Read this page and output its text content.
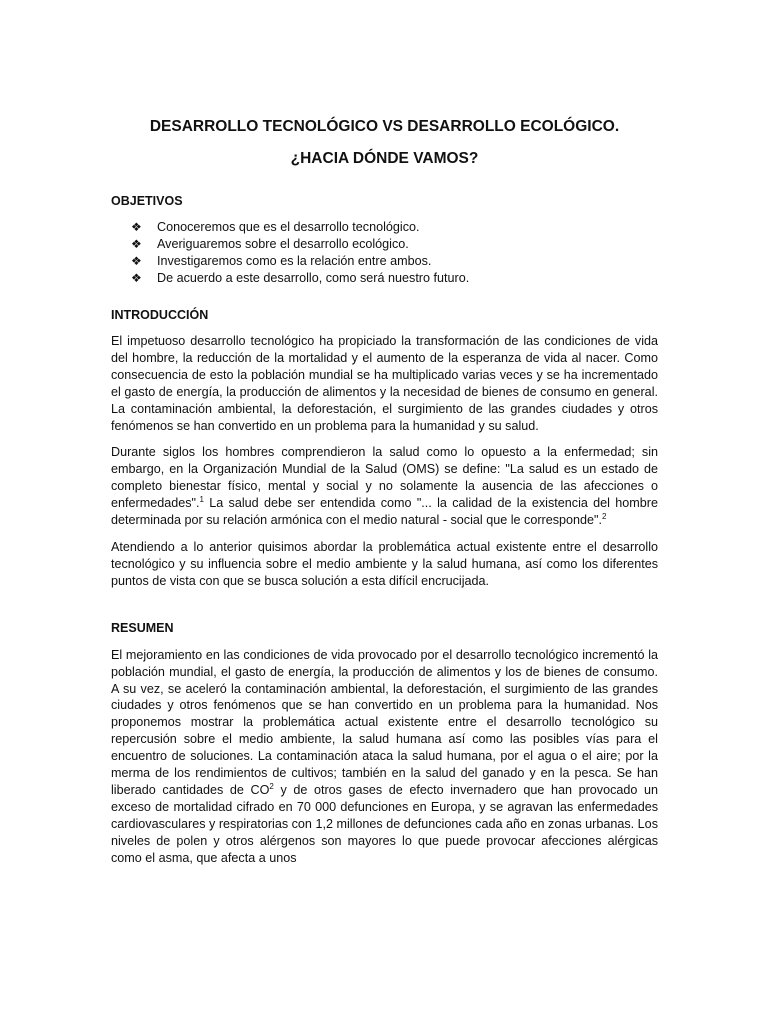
DESARROLLO TECNOLÓGICO VS DESARROLLO ECOLÓGICO.
¿HACIA DÓNDE VAMOS?
OBJETIVOS
❖ Conoceremos que es el desarrollo tecnológico.
❖ Averiguaremos sobre el desarrollo ecológico.
❖ Investigaremos como es la relación entre ambos.
❖ De acuerdo a este desarrollo, como será nuestro futuro.
INTRODUCCIÓN

El impetuoso desarrollo tecnológico ha propiciado la transformación de las condiciones de vida del hombre, la reducción de la mortalidad y el aumento de la esperanza de vida al nacer. Como consecuencia de esto la población mundial se ha multiplicado varias veces y se ha incrementado el gasto de energía, la producción de alimentos y la necesidad de bienes de consumo en general. La contaminación ambiental, la deforestación, el surgimiento de las grandes ciudades y otros fenómenos se han convertido en un problema para la humanidad y su salud.

Durante siglos los hombres comprendieron la salud como lo opuesto a la enfermedad; sin embargo, en la Organización Mundial de la Salud (OMS) se define: "La salud es un estado de completo bienestar físico, mental y social y no solamente la ausencia de las afecciones o enfermedades".$^1$ La salud debe ser entendida como "... la calidad de la existencia del hombre determinada por su relación armónica con el medio natural - social que le corresponde".$^2$

Atendiendo a lo anterior quisimos abordar la problemática actual existente entre el desarrollo tecnológico y su influencia sobre el medio ambiente y la salud humana, así como los diferentes puntos de vista con que se busca solución a esta difícil encrucijada.

RESUMEN

El mejoramiento en las condiciones de vida provocado por el desarrollo tecnológico incrementó la población mundial, el gasto de energía, la producción de alimentos y los de bienes de consumo. A su vez, se aceleró la contaminación ambiental, la deforestación, el surgimiento de las grandes ciudades y otros fenómenos que se han convertido en un problema para la humanidad. Nos proponemos mostrar la problemática actual existente entre el desarrollo tecnológico su repercusión sobre el medio ambiente, la salud humana así como las posibles vías para el encuentro de soluciones. La contaminación ataca la salud humana, por el agua o el aire; por la merma de los rendimientos de cultivos; también en la salud del ganado y en la pesca. Se han liberado cantidades de $CO^2$ y de otros gases de efecto invernadero que han provocado un exceso de mortalidad cifrado en 70 000 defunciones en Europa, y se agravan las enfermedades cardiovasculares y respiratorias con 1,2 millones de defunciones cada año en zonas urbanas. Los niveles de polen y otros alérgenos son mayores lo que puede provocar afecciones alérgicas como el asma, que afecta a unos
